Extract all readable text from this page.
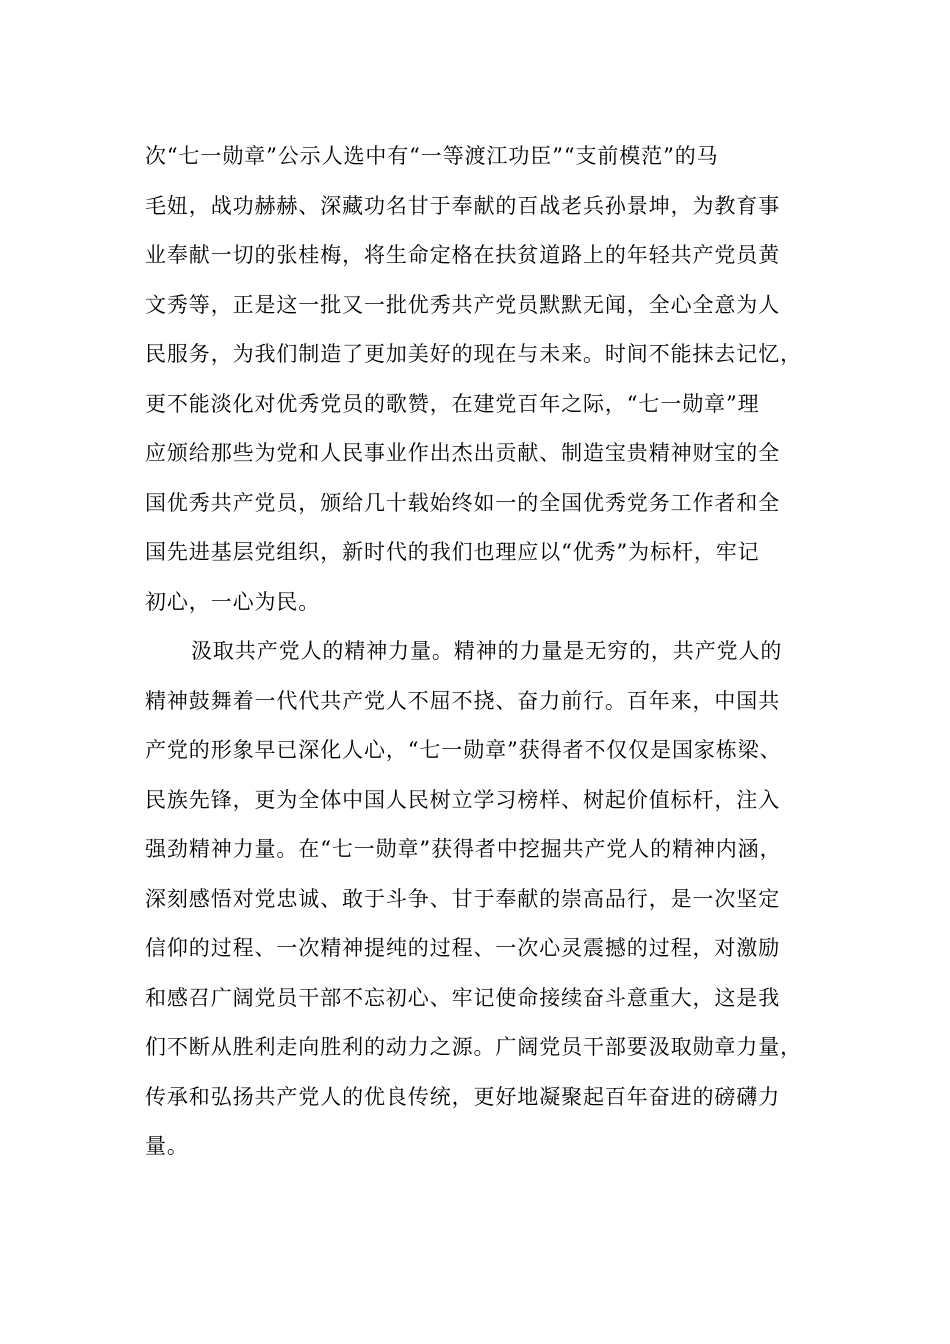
次“七一勋章”公示人选中有“一等渡江功臣”“支前模范”的马
毛妞，战功赫赫、深藏功名甘于奉献的百战老兵孙景坤，为教育事
业奉献一切的张桂梅，将生命定格在扶贫道路上的年轻共产党员黄
文秀等，正是这一批又一批优秀共产党员默默无闻，全心全意为人
民服务，为我们制造了更加美好的现在与未来。时间不能抹去记忆，
更不能淡化对优秀党员的歌赞，在建党百年之际，“七一勋章”理
应颁给那些为党和人民事业作出杰出贡献、制造宝贵精神财宝的全
国优秀共产党员，颁给几十载始终如一的全国优秀党务工作者和全
国先进基层党组织，新时代的我们也理应以“优秀”为标杆，牢记
初心，一心为民。
汲取共产党人的精神力量。精神的力量是无穷的，共产党人的
精神鼓舞着一代代共产党人不屈不挠、奋力前行。百年来，中国共
产党的形象早已深化人心，“七一勋章”获得者不仅仅是国家栋梁、
民族先锋，更为全体中国人民树立学习榜样、树起价值标杆，注入
强劲精神力量。在“七一勋章”获得者中挖掘共产党人的精神内涵，
深刻感悟对党忠诚、敢于斗争、甘于奉献的崇高品行，是一次坚定
信仰的过程、一次精神提纯的过程、一次心灵震撼的过程，对激励
和感召广阔党员干部不忘初心、牢记使命接续奋斗意重大，这是我
们不断从胜利走向胜利的动力之源。广阔党员干部要汲取勋章力量，
传承和弘扬共产党人的优良传统，更好地凝聚起百年奋进的磅礴力
量。
